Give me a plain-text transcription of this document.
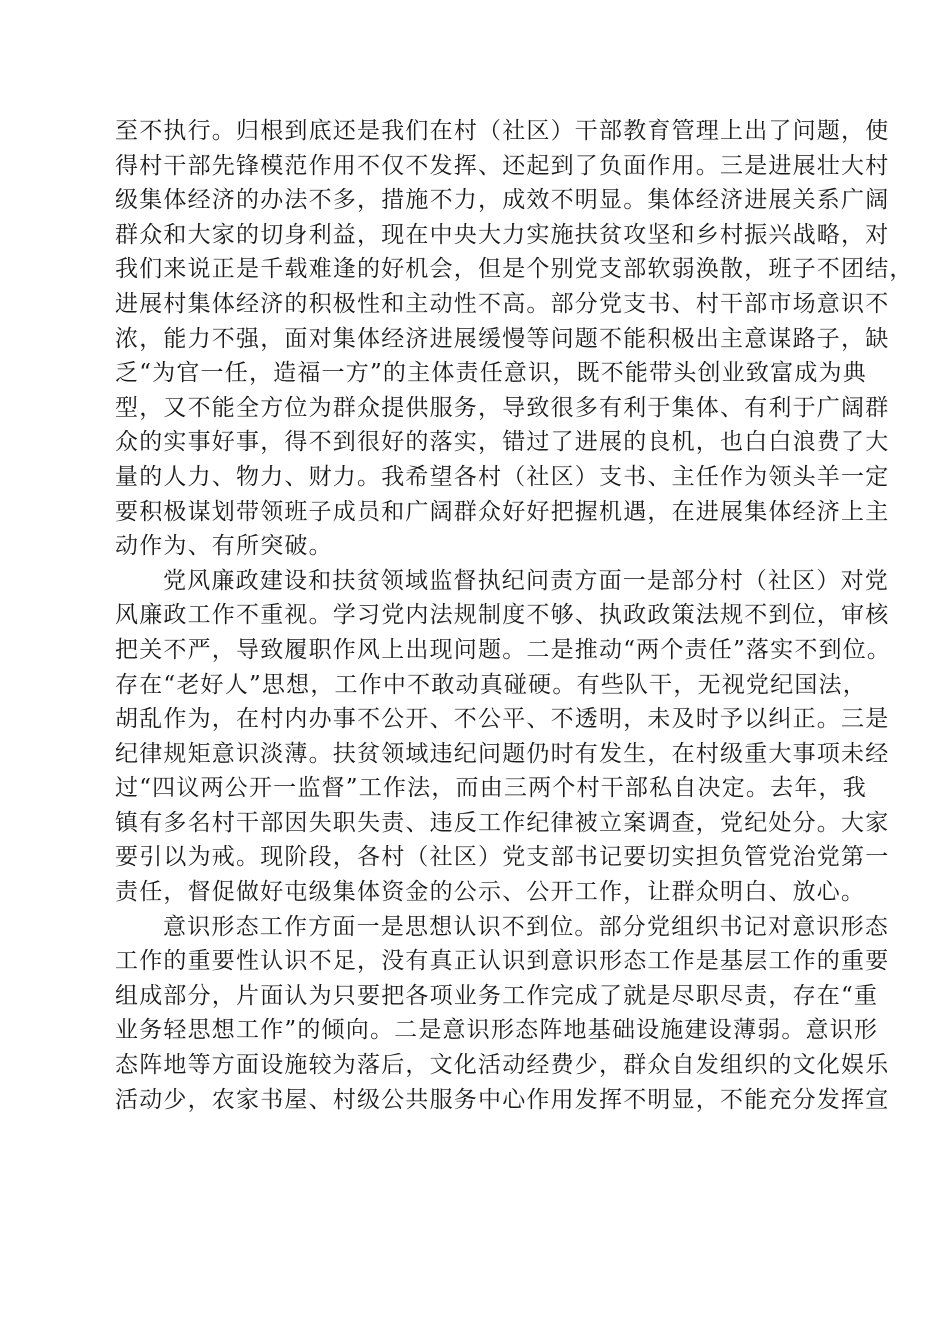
至不执行。归根到底还是我们在村（社区）干部教育管理上出了问题，使
得村干部先锋模范作用不仅不发挥、还起到了负面作用。三是进展壮大村
级集体经济的办法不多，措施不力，成效不明显。集体经济进展关系广阔
群众和大家的切身利益，现在中央大力实施扶贫攻坚和乡村振兴战略，对
我们来说正是千载难逢的好机会，但是个别党支部软弱涣散，班子不团结，
进展村集体经济的积极性和主动性不高。部分党支书、村干部市场意识不
浓，能力不强，面对集体经济进展缓慢等问题不能积极出主意谋路子，缺
乏“为官一任，造福一方”的主体责任意识，既不能带头创业致富成为典
型，又不能全方位为群众提供服务，导致很多有利于集体、有利于广阔群
众的实事好事，得不到很好的落实，错过了进展的良机，也白白浪费了大
量的人力、物力、财力。我希望各村（社区）支书、主任作为领头羊一定
要积极谋划带领班子成员和广阔群众好好把握机遇，在进展集体经济上主
动作为、有所突破。
党风廉政建设和扶贫领域监督执纪问责方面一是部分村（社区）对党
风廉政工作不重视。学习党内法规制度不够、执政政策法规不到位，审核
把关不严，导致履职作风上出现问题。二是推动“两个责任”落实不到位。
存在“老好人”思想，工作中不敢动真碰硬。有些队干，无视党纪国法，
胡乱作为，在村内办事不公开、不公平、不透明，未及时予以纠正。三是
纪律规矩意识淡薄。扶贫领域违纪问题仍时有发生，在村级重大事项未经
过“四议两公开一监督”工作法，而由三两个村干部私自决定。去年，我
镇有多名村干部因失职失责、违反工作纪律被立案调查，党纪处分。大家
要引以为戒。现阶段，各村（社区）党支部书记要切实担负管党治党第一
责任，督促做好屯级集体资金的公示、公开工作，让群众明白、放心。
意识形态工作方面一是思想认识不到位。部分党组织书记对意识形态
工作的重要性认识不足，没有真正认识到意识形态工作是基层工作的重要
组成部分，片面认为只要把各项业务工作完成了就是尽职尽责，存在“重
业务轻思想工作”的倾向。二是意识形态阵地基础设施建设薄弱。意识形
态阵地等方面设施较为落后，文化活动经费少，群众自发组织的文化娱乐
活动少，农家书屋、村级公共服务中心作用发挥不明显，不能充分发挥宣
